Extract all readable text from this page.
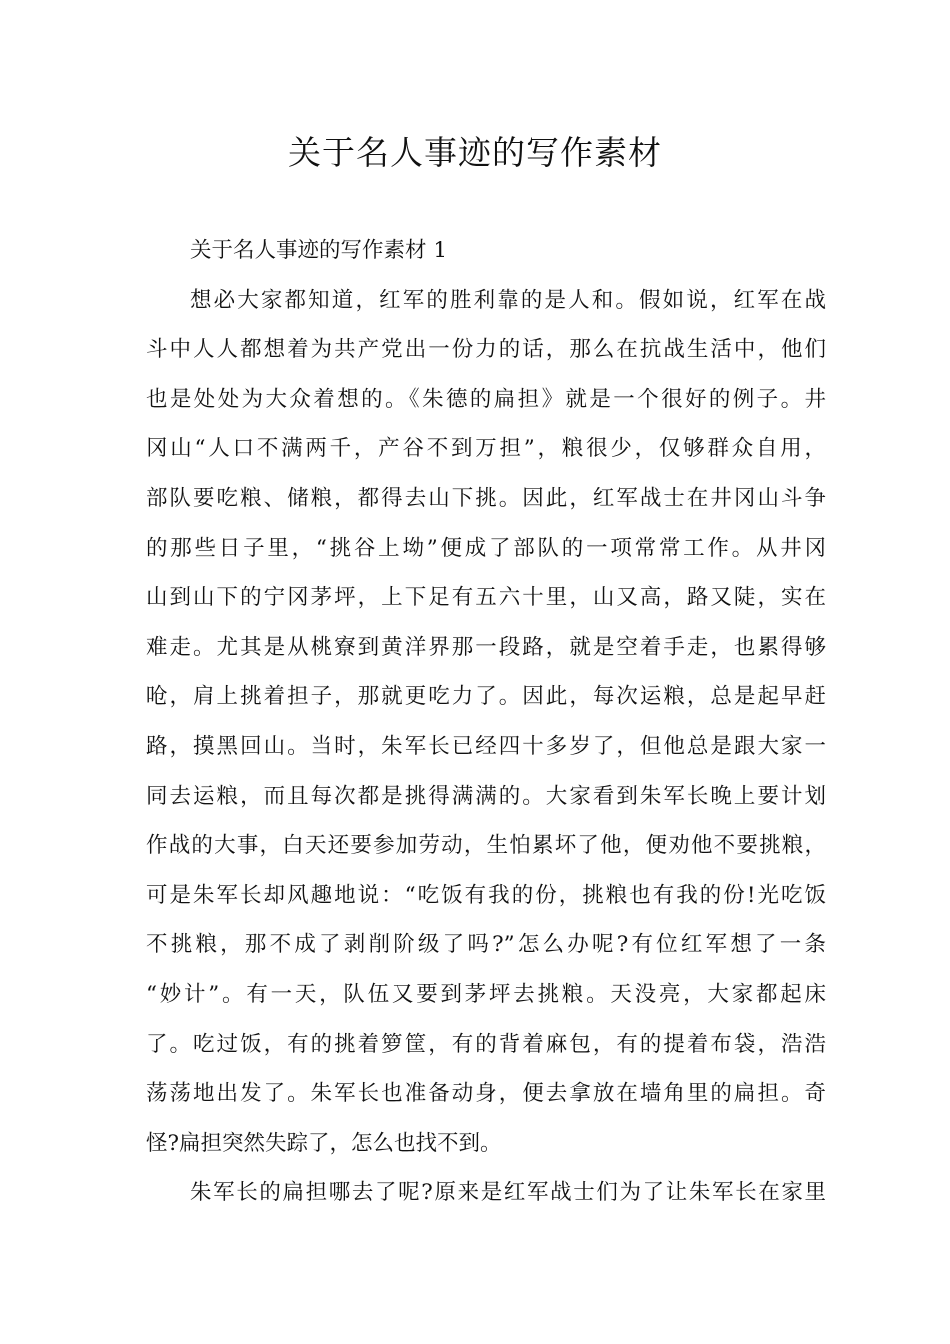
关于名人事迹的写作素材
关于名人事迹的写作素材 1
想必大家都知道，红军的胜利靠的是人和。假如说，红军在战
斗中人人都想着为共产党出一份力的话，那么在抗战生活中，他们
也是处处为大众着想的。《朱德的扁担》就是一个很好的例子。井
冈山“人口不满两千，产谷不到万担”，粮很少，仅够群众自用，
部队要吃粮、储粮，都得去山下挑。因此，红军战士在井冈山斗争
的那些日子里，“挑谷上坳”便成了部队的一项常常工作。从井冈
山到山下的宁冈茅坪，上下足有五六十里，山又高，路又陡，实在
难走。尤其是从桃寮到黄洋界那一段路，就是空着手走，也累得够
呛，肩上挑着担子，那就更吃力了。因此，每次运粮，总是起早赶
路，摸黑回山。当时，朱军长已经四十多岁了，但他总是跟大家一
同去运粮，而且每次都是挑得满满的。大家看到朱军长晚上要计划
作战的大事，白天还要参加劳动，生怕累坏了他，便劝他不要挑粮，
可是朱军长却风趣地说：“吃饭有我的份，挑粮也有我的份!光吃饭
不挑粮，那不成了剥削阶级了吗?”怎么办呢?有位红军想了一条
“妙计”。有一天，队伍又要到茅坪去挑粮。天没亮，大家都起床
了。吃过饭，有的挑着箩筐，有的背着麻包，有的提着布袋，浩浩
荡荡地出发了。朱军长也准备动身，便去拿放在墙角里的扁担。奇
怪?扁担突然失踪了，怎么也找不到。
朱军长的扁担哪去了呢?原来是红军战士们为了让朱军长在家里
